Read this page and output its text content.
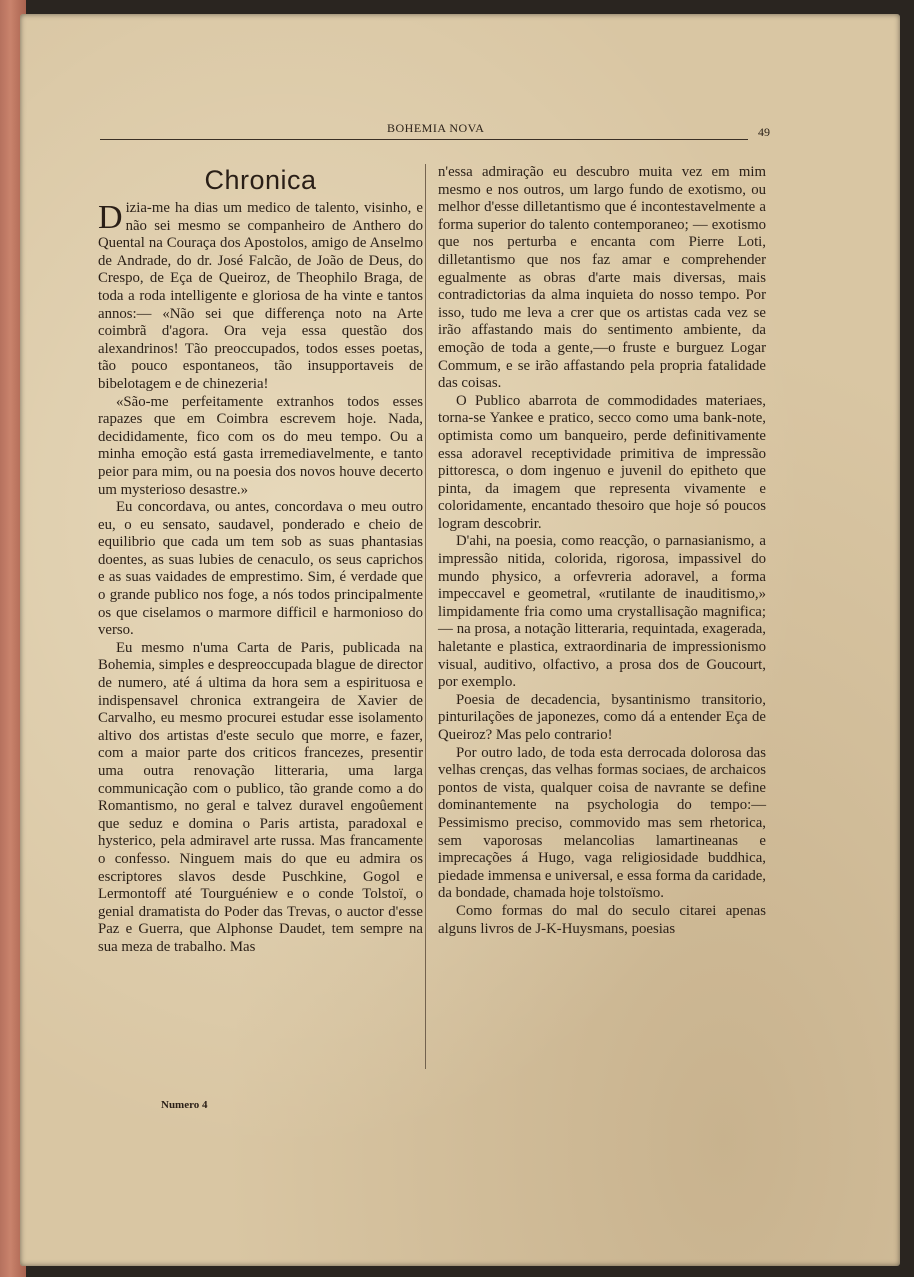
BOHEMIA NOVA	49
Chronica

Dizia-me ha dias um medico de talento, visinho, e não sei mesmo se companheiro de Anthero do Quental na Couraça dos Apostolos, amigo de Anselmo de Andrade, do dr. José Falcão, de João de Deus, do Crespo, de Eça de Queiroz, de Theophilo Braga, de toda a roda intelligente e gloriosa de ha vinte e tantos annos:— «Não sei que differença noto na Arte coimbrã d'agora. Ora veja essa questão dos alexandrinos! Tão preoccupados, todos esses poetas, tão pouco espontaneos, tão insupportaveis de bibelotagem e de chinezeria!

«São-me perfeitamente extranhos todos esses rapazes que em Coimbra escrevem hoje. Nada, decididamente, fico com os do meu tempo. Ou a minha emoção está gasta irremediavelmente, e tanto peior para mim, ou na poesia dos novos houve decerto um mysterioso desastre.»

Eu concordava, ou antes, concordava o meu outro eu, o eu sensato, saudavel, ponderado e cheio de equilibrio que cada um tem sob as suas phantasias doentes, as suas lubies de cenaculo, os seus caprichos e as suas vaidades de emprestimo. Sim, é verdade que o grande publico nos foge, a nós todos principalmente os que ciselamos o marmore difficil e harmonioso do verso.

Eu mesmo n'uma Carta de Paris, publicada na Bohemia, simples e despreoccupada blague de director de numero, até á ultima da hora sem a espirituosa e indispensavel chronica extrangeira de Xavier de Carvalho, eu mesmo procurei estudar esse isolamento altivo dos artistas d'este seculo que morre, e fazer, com a maior parte dos criticos francezes, presentir uma outra renovação litteraria, uma larga communicação com o publico, tão grande como a do Romantismo, no geral e talvez duravel engoûement que seduz e domina o Paris artista, paradoxal e hysterico, pela admiravel arte russa. Mas francamente o confesso. Ninguem mais do que eu admira os escriptores slavos desde Puschkine, Gogol e Lermontoff até Tourguéniew e o conde Tolstoï, o genial dramatista do Poder das Trevas, o auctor d'esse Paz e Guerra, que Alphonse Daudet, tem sempre na sua meza de trabalho. Mas

n'essa admiração eu descubro muita vez em mim mesmo e nos outros, um largo fundo de exotismo, ou melhor d'esse dilletantismo que é incontestavelmente a forma superior do talento contemporaneo; — exotismo que nos perturba e encanta com Pierre Loti, dilletantismo que nos faz amar e comprehender egualmente as obras d'arte mais diversas, mais contradictorias da alma inquieta do nosso tempo. Por isso, tudo me leva a crer que os artistas cada vez se irão affastando mais do sentimento ambiente, da emoção de toda a gente,—o fruste e burguez Logar Commum, e se irão affastando pela propria fatalidade das coisas.

O Publico abarrota de commodidades materiaes, torna-se Yankee e pratico, secco como uma bank-note, optimista como um banqueiro, perde definitivamente essa adoravel receptividade primitiva de impressão pittoresca, o dom ingenuo e juvenil do epitheto que pinta, da imagem que representa vivamente e coloridamente, encantado thesoiro que hoje só poucos logram descobrir.

D'ahi, na poesia, como reacção, o parnasianismo, a impressão nitida, colorida, rigorosa, impassivel do mundo physico, a orfevreria adoravel, a forma impeccavel e geometral, «rutilante de inauditismo,» limpidamente fria como uma crystallisação magnifica; — na prosa, a notação litteraria, requintada, exagerada, haletante e plastica, extraordinaria de impressionismo visual, auditivo, olfactivo, a prosa dos de Goucourt, por exemplo.

Poesia de decadencia, bysantinismo transitorio, pinturilações de japonezes, como dá a entender Eça de Queiroz? Mas pelo contrario!

Por outro lado, de toda esta derrocada dolorosa das velhas crenças, das velhas formas sociaes, de archaicos pontos de vista, qualquer coisa de navrante se define dominantemente na psychologia do tempo:—Pessimismo preciso, commovido mas sem rhetorica, sem vaporosas melancolias lamartineanas e imprecações á Hugo, vaga religiosidade buddhica, piedade immensa e universal, e essa forma da caridade, da bondade, chamada hoje tolstoïsmo.

Como formas do mal do seculo citarei apenas alguns livros de J-K-Huysmans, poesias

Numero 4
